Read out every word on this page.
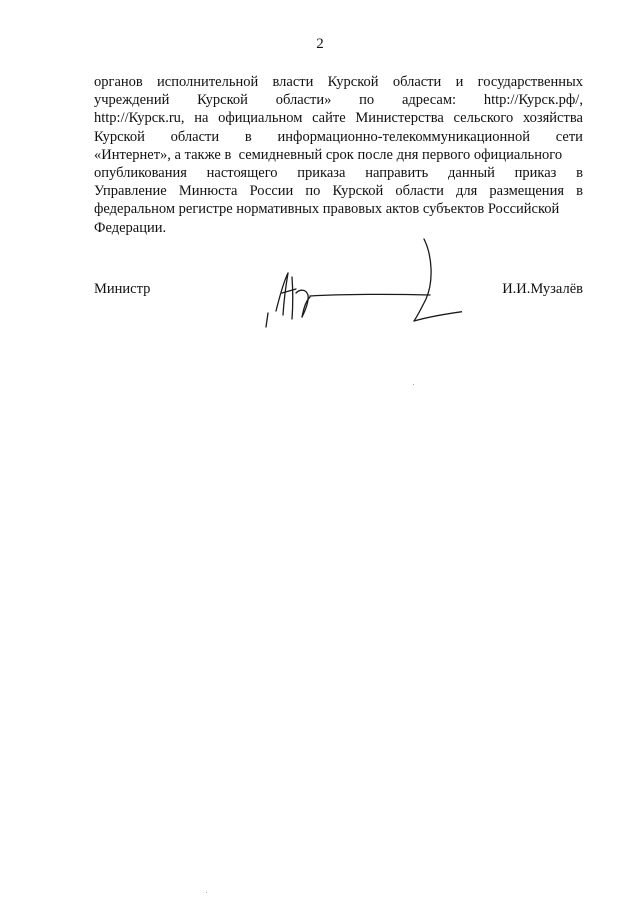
2
органов исполнительной власти Курской области и государственных
учреждений Курской области» по адресам: http://Курск.рф/,
http://Курск.ru, на официальном сайте Министерства сельского хозяйства
Курской области в информационно-телекоммуникационной сети
«Интернет», а также в  семидневный срок после дня первого официального
опубликования настоящего приказа направить данный приказ в
Управление Минюста России по Курской области для размещения в
федеральном регистре нормативных правовых актов субъектов Российской
Федерации.
Министр	И.И.Музалёв
